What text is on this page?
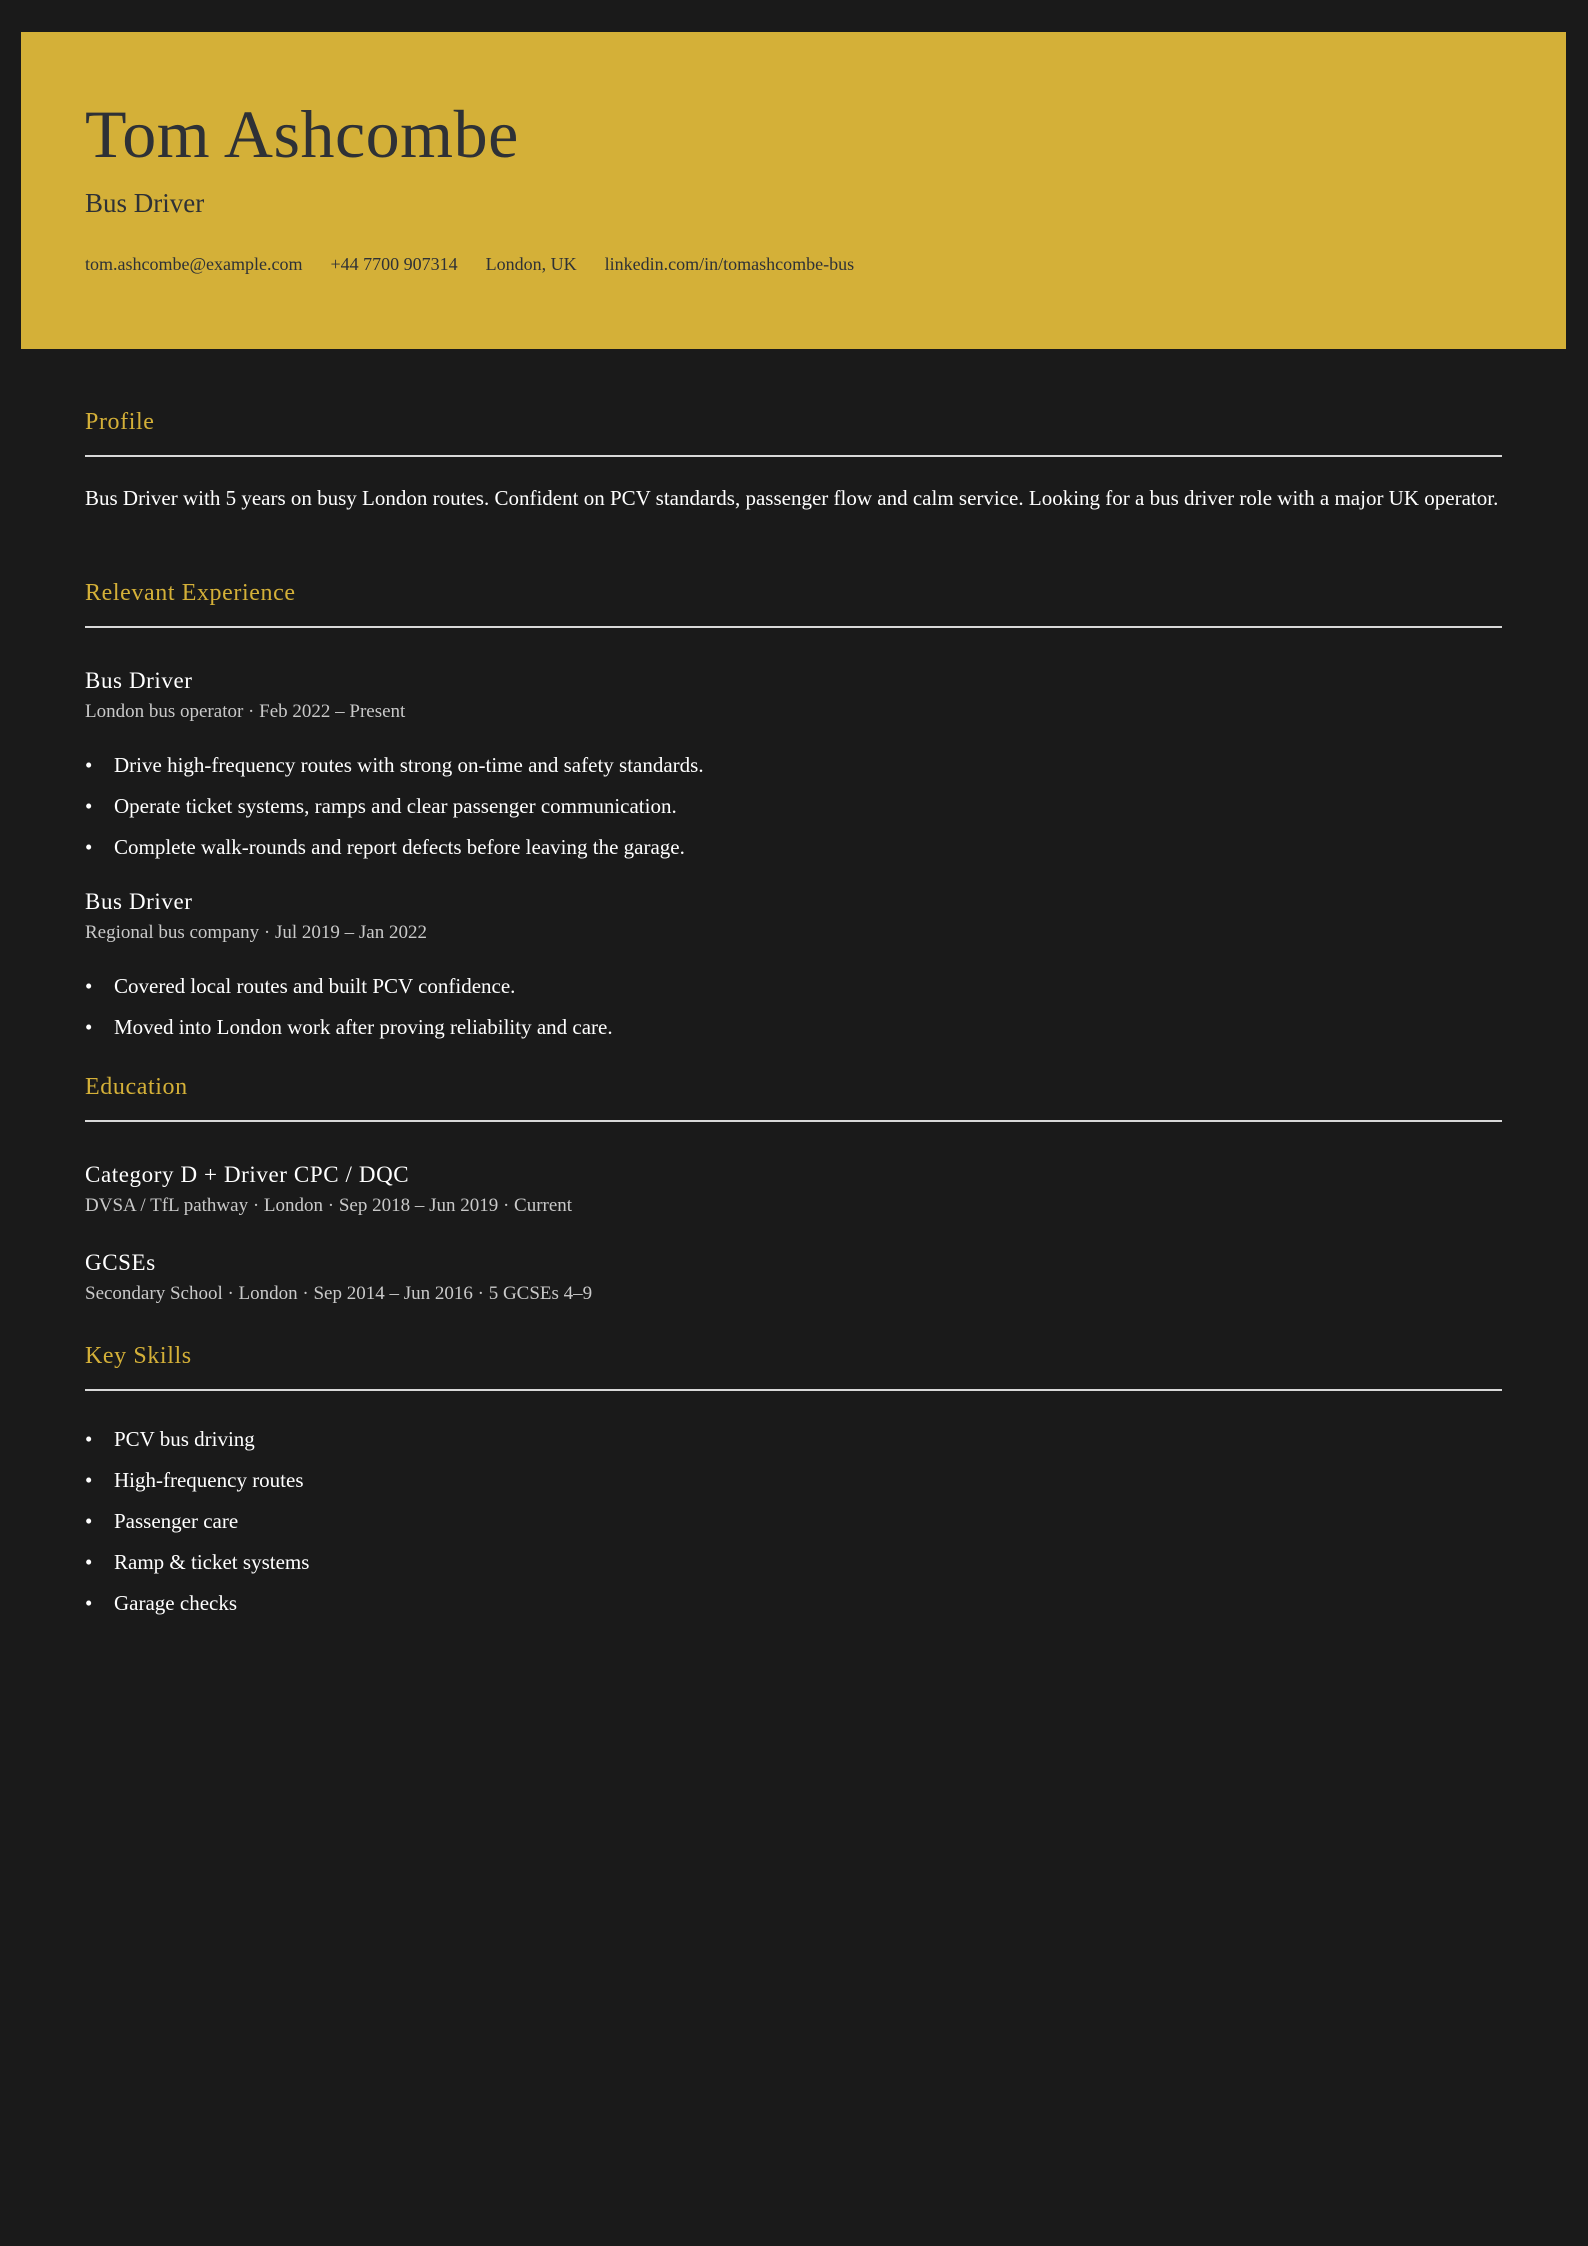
Tom Ashcombe
Bus Driver
tom.ashcombe@example.com +44 7700 907314 London, UK linkedin.com/in/tomashcombe-bus
Profile
Bus Driver with 5 years on busy London routes. Confident on PCV standards, passenger flow and calm service. Looking for a bus driver role with a major UK operator.
Relevant Experience
Bus Driver
London bus operator · Feb 2022 – Present
• Drive high-frequency routes with strong on-time and safety standards.
• Operate ticket systems, ramps and clear passenger communication.
• Complete walk-rounds and report defects before leaving the garage.
Bus Driver
Regional bus company · Jul 2019 – Jan 2022
• Covered local routes and built PCV confidence.
• Moved into London work after proving reliability and care.
Education
Category D + Driver CPC / DQC
DVSA / TfL pathway · London · Sep 2018 – Jun 2019 · Current
GCSEs
Secondary School · London · Sep 2014 – Jun 2016 · 5 GCSEs 4–9
Key Skills
• PCV bus driving
• High-frequency routes
• Passenger care
• Ramp & ticket systems
• Garage checks
